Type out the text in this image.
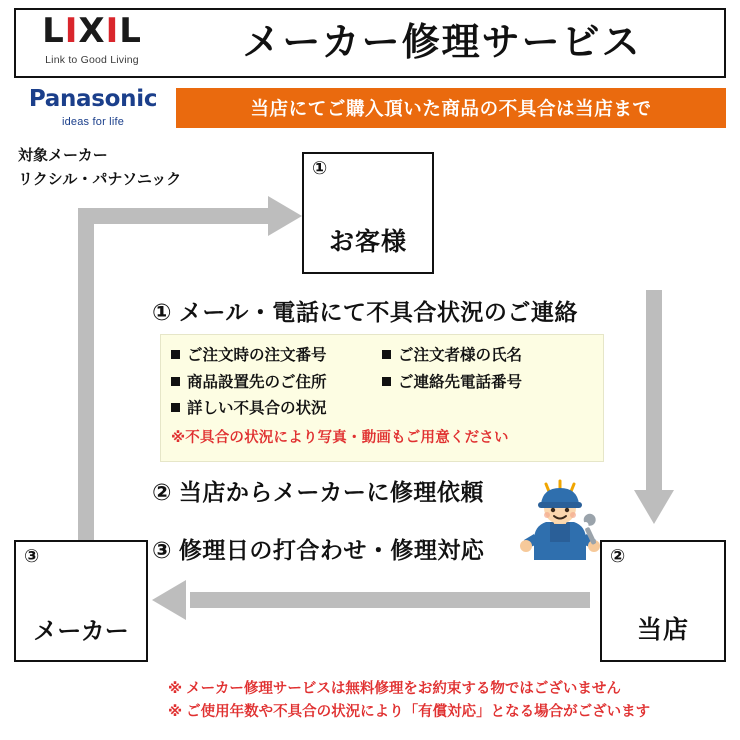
LIXIL
Link to Good Living	メーカー修理サービス
Panasonic
ideas for life
当店にてご購入頂いた商品の不具合は当店まで
対象メーカー
リクシル・パナソニック
①
お客様
②
当店
③
メーカー
① メール・電話にて不具合状況のご連絡
ご注文時の注文番号	ご注文者様の氏名
商品設置先のご住所	ご連絡先電話番号
詳しい不具合の状況
※不具合の状況により写真・動画もご用意ください
② 当店からメーカーに修理依頼
③ 修理日の打合わせ・修理対応
※ メーカー修理サービスは無料修理をお約束する物ではございません
※ ご使用年数や不具合の状況により「有償対応」となる場合がございます
